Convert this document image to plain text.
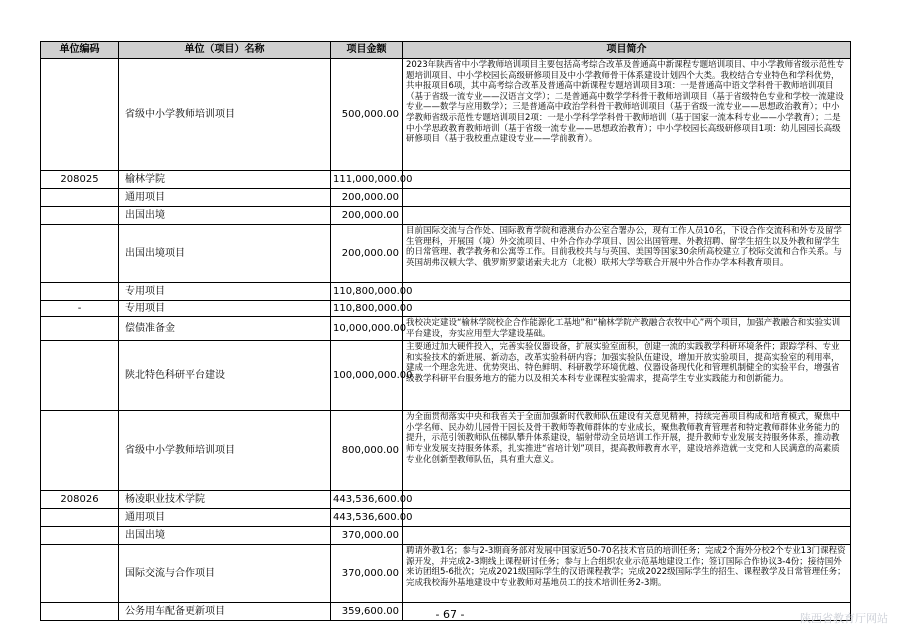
单位编码	单位（项目）名称	项目金额	项目简介
	省级中小学教师培训项目	500,000.00	2023年陕西省中小学教师培训项目主要包括高考综合改革及普通高中新课程专题培训项目、中小学教师省级示范性专题培训项目、中小学校园长高级研修项目及中小学教师骨干体系建设计划四个大类。我校结合专业特色和学科优势，共申报项目6项，其中高考综合改革及普通高中新课程专题培训项目3项：一是普通高中语文学科骨干教师培训项目（基于省级一流专业——汉语言文学）；二是普通高中数学学科骨干教师培训项目（基于省级特色专业和学校一流建设专业——数学与应用数学）；三是普通高中政治学科骨干教师培训项目（基于省级一流专业——思想政治教育）；中小学教师省级示范性专题培训项目2项：一是小学科学学科骨干教师培训（基于国家一流本科专业——小学教育）；二是中小学思政教育教师培训（基于省级一流专业——思想政治教育）；中小学校园长高级研修项目1项：幼儿园园长高级研修项目（基于我校重点建设专业——学前教育）。
208025	榆林学院	111,000,000.00	
	通用项目	200,000.00	
	出国出境	200,000.00	
	出国出境项目	200,000.00	目前国际交流与合作处、国际教育学院和港澳台办公室合署办公，现有工作人员10名，下设合作交流科和外专及留学生管理科，开展国（境）外交流项目、中外合作办学项目、因公出国管理、外教招聘、留学生招生以及外教和留学生的日常管理、教学教务和公寓等工作。目前我校共与与英国、美国等国家30余所高校建立了校际交流和合作关系。与英国胡弗汉顿大学、俄罗斯罗蒙诺索夫北方（北极）联邦大学等联合开展中外合作办学本科教育项目。
	专用项目	110,800,000.00	
-	专用项目	110,800,000.00	
	偿债准备金	10,000,000.00	我校决定建设“榆林学院校企合作能源化工基地”和“榆林学院产教融合农牧中心”两个项目，加强产教融合和实验实训平台建设，夯实应用型大学建设基础。
	陕北特色科研平台建设	100,000,000.00	主要通过加大硬件投入，完善实验仪器设备，扩展实验室面积，创建一流的实践教学科研环境条件；跟踪学科、专业和实验技术的新进展、新动态，改革实验科研内容；加强实验队伍建设，增加开放实验项目，提高实验室的利用率，建成一个理念先进、优势突出、特色鲜明、科研教学环境优越、仪器设备现代化和管理机制健全的实验平台，增强省级教学科研平台服务地方的能力以及相关本科专业课程实验需求，提高学生专业实践能力和创新能力。
	省级中小学教师培训项目	800,000.00	为全面贯彻落实中央和我省关于全面加强新时代教师队伍建设有关意见精神，持续完善项目构成和培育模式，聚焦中小学名师、民办幼儿园骨干园长及骨干教师等教师群体的专业成长，聚焦教师教育管理者和特定教师群体业务能力的提升，示范引领教师队伍梯队攀升体系建设，辐射带动全员培训工作开展，提升教师专业发展支持服务体系，推动教师专业发展支持服务体系，扎实推进“省培计划”项目，提高教师教育水平，建设培养造就一支党和人民满意的高素质专业化创新型教师队伍，具有重大意义。
208026	杨凌职业技术学院	443,536,600.00	
	通用项目	443,536,600.00	
	出国出境	370,000.00	
	国际交流与合作项目	370,000.00	聘请外教1名；参与2-3期商务部对发展中国家近50-70名技术官员的培训任务；完成2个海外分校2个专业13门课程资源开发，并完成2-3期线上课程研讨任务；参与上合组织农业示范基地建设工作；签订国际合作协议3-4份；接待国外来访团组5-6批次；完成2021级国际学生的汉语课程教学；完成2022级国际学生的招生、课程教学及日常管理任务；完成我校海外基地建设中专业教师对基地员工的技术培训任务2-3期。
	公务用车配备更新项目	359,600.00		- 67 -	陕西省教育厅网站
